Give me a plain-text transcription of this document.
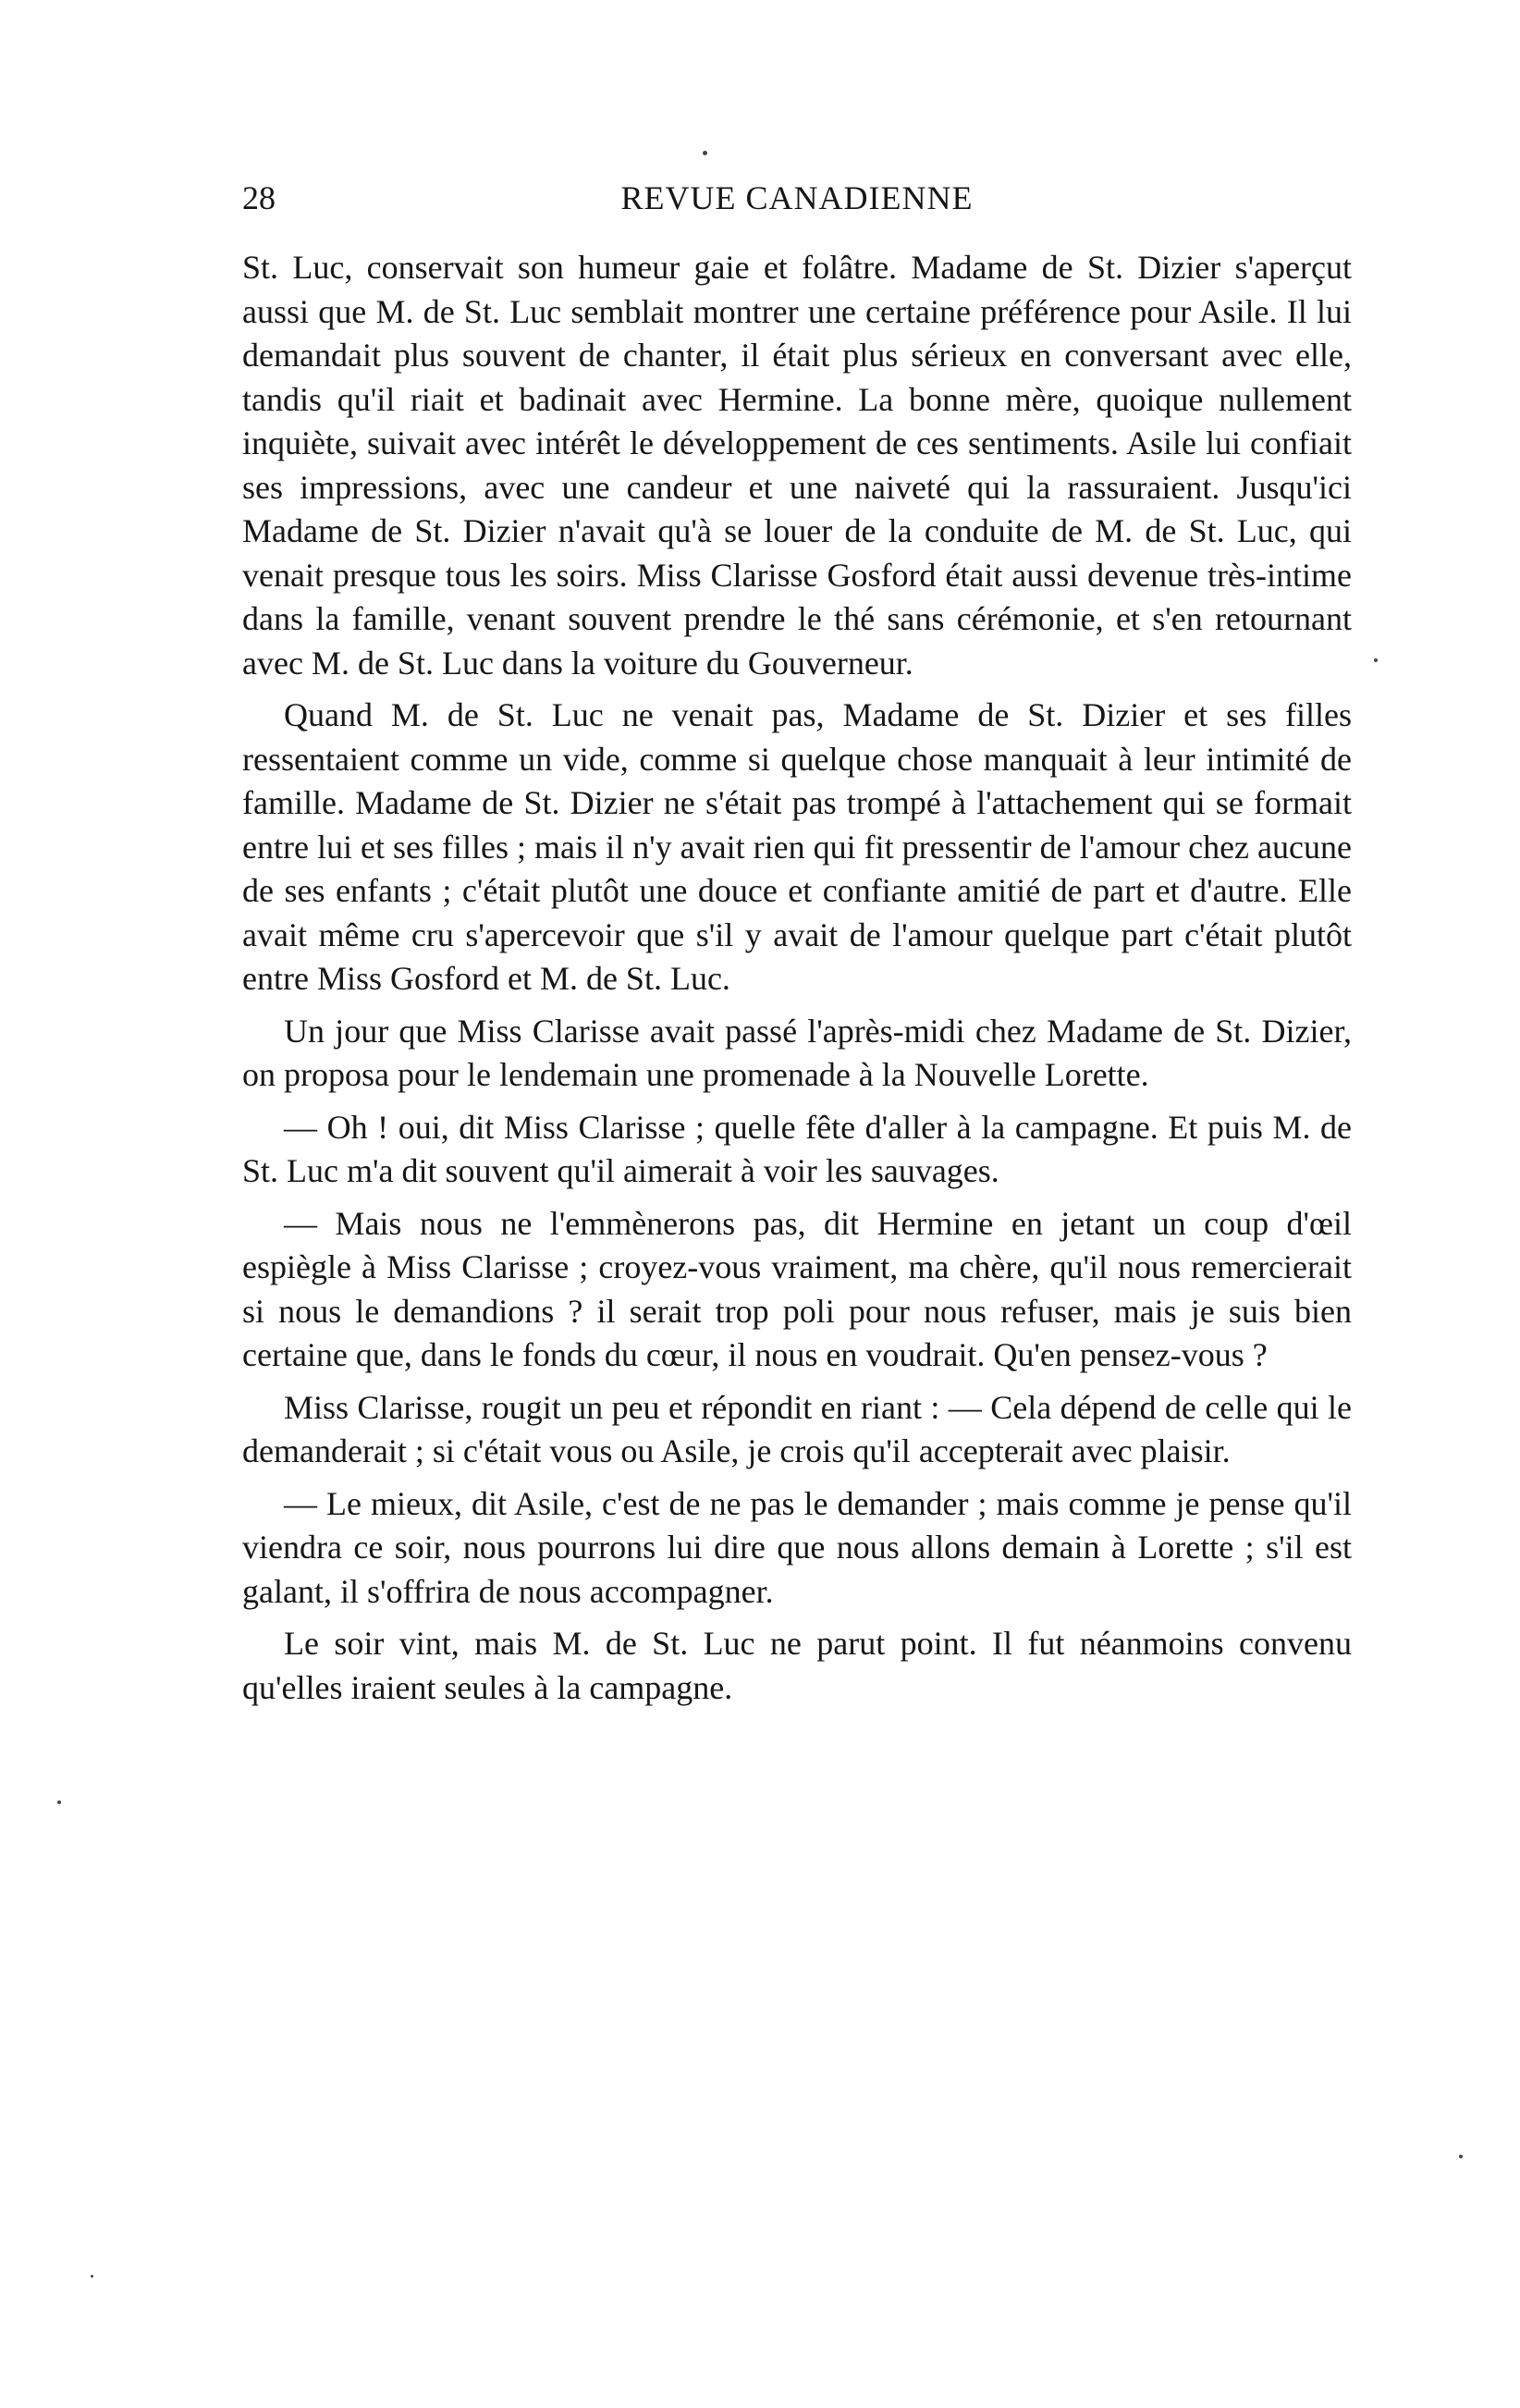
28	REVUE CANADIENNE

St. Luc, conservait son humeur gaie et folâtre. Madame de St. Dizier s'aperçut aussi que M. de St. Luc semblait montrer une certaine préférence pour Asile. Il lui demandait plus souvent de chanter, il était plus sérieux en conversant avec elle, tandis qu'il riait et badinait avec Hermine. La bonne mère, quoique nullement inquiète, suivait avec intérêt le développement de ces sentiments. Asile lui confiait ses impressions, avec une candeur et une naiveté qui la rassuraient. Jusqu'ici Madame de St. Dizier n'avait qu'à se louer de la conduite de M. de St. Luc, qui venait presque tous les soirs. Miss Clarisse Gosford était aussi devenue très-intime dans la famille, venant souvent prendre le thé sans cérémonie, et s'en retournant avec M. de St. Luc dans la voiture du Gouverneur.

Quand M. de St. Luc ne venait pas, Madame de St. Dizier et ses filles ressentaient comme un vide, comme si quelque chose manquait à leur intimité de famille. Madame de St. Dizier ne s'était pas trompé à l'attachement qui se formait entre lui et ses filles ; mais il n'y avait rien qui fit pressentir de l'amour chez aucune de ses enfants ; c'était plutôt une douce et confiante amitié de part et d'autre. Elle avait même cru s'apercevoir que s'il y avait de l'amour quelque part c'était plutôt entre Miss Gosford et M. de St. Luc.

Un jour que Miss Clarisse avait passé l'après-midi chez Madame de St. Dizier, on proposa pour le lendemain une promenade à la Nouvelle Lorette.

— Oh ! oui, dit Miss Clarisse ; quelle fête d'aller à la campagne. Et puis M. de St. Luc m'a dit souvent qu'il aimerait à voir les sauvages.

— Mais nous ne l'emmènerons pas, dit Hermine en jetant un coup d'œil espiègle à Miss Clarisse ; croyez-vous vraiment, ma chère, qu'il nous remercierait si nous le demandions ? il serait trop poli pour nous refuser, mais je suis bien certaine que, dans le fonds du cœur, il nous en voudrait. Qu'en pensez-vous ?

Miss Clarisse, rougit un peu et répondit en riant : — Cela dépend de celle qui le demanderait ; si c'était vous ou Asile, je crois qu'il accepterait avec plaisir.

— Le mieux, dit Asile, c'est de ne pas le demander ; mais comme je pense qu'il viendra ce soir, nous pourrons lui dire que nous allons demain à Lorette ; s'il est galant, il s'offrira de nous accompagner.

Le soir vint, mais M. de St. Luc ne parut point. Il fut néanmoins convenu qu'elles iraient seules à la campagne.
